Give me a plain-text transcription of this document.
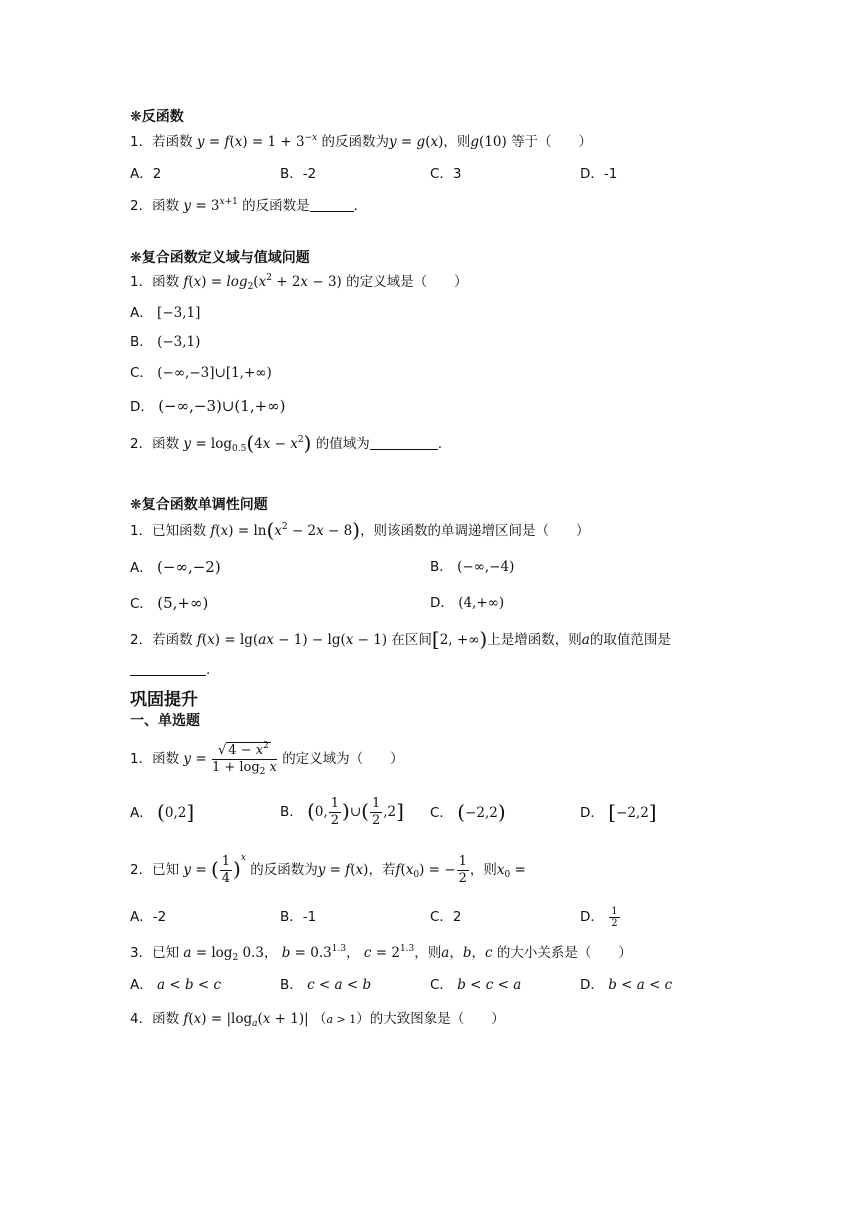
❋反函数
1．若函数 $y = f(x) = 1 + 3^{-x}$ 的反函数为y = g(x)，则g(10) 等于（　　）
A．2	B．-2	C．3	D．-1
2．函数 $y = 3^{x+1}$ 的反函数是	.
❋复合函数定义域与值域问题
1．函数 $f(x) = \log_2(x^2 + 2x - 3)$ 的定义域是（　　）
A． [−3,1]
B． (−3,1)
C． (−∞,−3]∪[1,+∞)
D． (−∞,−3)∪(1,+∞)
2．函数 $y = \log_{0.5}(4x - x^2)$ 的值域为	.
❋复合函数单调性问题
1．已知函数 $f(x) = \ln(x^2 - 2x - 8)$，则该函数的单调递增区间是（　　）
A． (−∞,−2)	B． (−∞,−4)
C． (5,+∞)	D． (4,+∞)
2．若函数 f(x) = lg(ax − 1) − lg(x − 1) 在区间[2, +∞)上是增函数，则a的取值范围是
.
巩固提升
一、单选题
1．函数 $y = \frac{√ 4 - x^2}{1 + \log_2 x}$ 的定义域为（　　）
A． (0,2]	B． (0, $\frac{1}{2}$ )∪( $\frac{1}{2} ,2$] C． (−2,2)	D． [−2,2]
2．已知 y = ( $\frac{1}{4} )^x$ 的反函数为y = f(x)，若$f(x_0)$ = − $\frac{1}{2}$ ，则$x_0$ =
A．-2	B．-1	C．2	D． $\frac{1}{2}$
3．已知 $a = \log_2 0.3$， $b = 0.3^{1.3}$， $c = 2^{1.3}$，则a，b，c 的大小关系是（　　）
A． a < b < c	B． c < a < b	C． b < c < a	D． b < a < c
4．函数 $f(x) = |\log_a(x + 1)|$ （a > 1）的大致图象是（　　）
